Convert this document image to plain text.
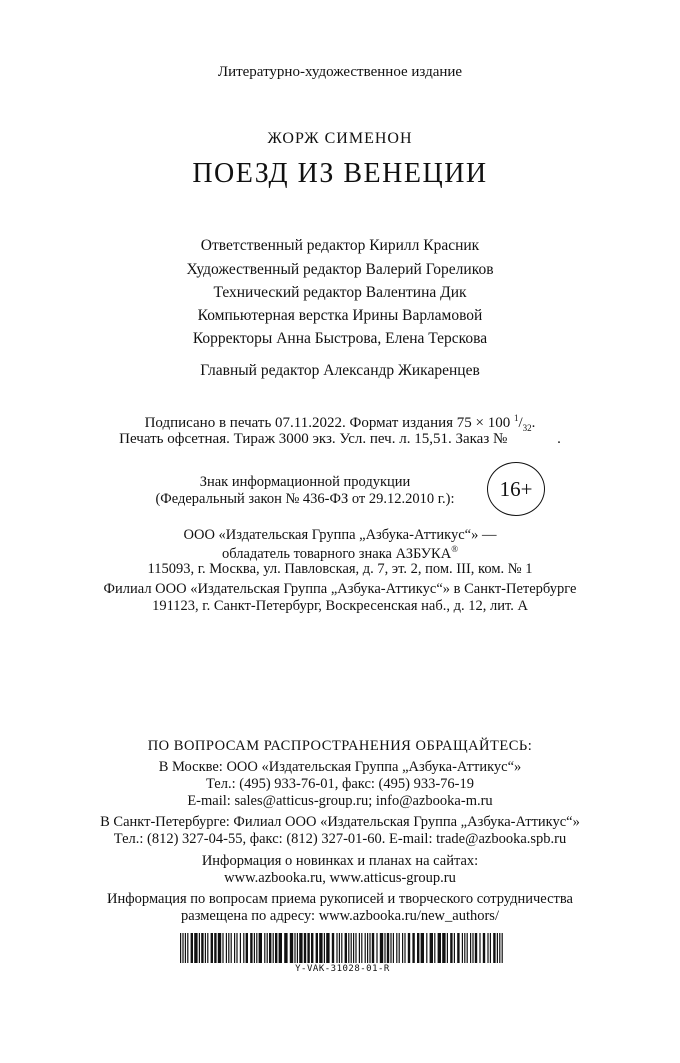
Литературно-художественное издание
ЖОРЖ СИМЕНОН
ПОЕЗД ИЗ ВЕНЕЦИИ
Ответственный редактор Кирилл Красник
Художественный редактор Валерий Гореликов
Технический редактор Валентина Дик
Компьютерная верстка Ирины Варламовой
Корректоры Анна Быстрова, Елена Терскова
Главный редактор Александр Жикаренцев
Подписано в печать 07.11.2022. Формат издания 75 × 100 $^1/_{32}$.
Печать офсетная. Тираж 3000 экз. Усл. печ. л. 15,51. Заказ №	.
Знак информационной продукции
(Федеральный закон № 436-ФЗ от 29.12.2010 г.):	16+
ООО «Издательская Группа „Азбука-Аттикус“» —
обладатель товарного знака АЗБУКА®
115093, г. Москва, ул. Павловская, д. 7, эт. 2, пом. III, ком. № 1
Филиал ООО «Издательская Группа „Азбука-Аттикус“» в Санкт-Петербурге
191123, г. Санкт-Петербург, Воскресенская наб., д. 12, лит. А
ПО ВОПРОСАМ РАСПРОСТРАНЕНИЯ ОБРАЩАЙТЕСЬ:
В Москве: ООО «Издательская Группа „Азбука-Аттикус“»
Тел.: (495) 933-76-01, факс: (495) 933-76-19
E-mail: sales@atticus-group.ru; info@azbooka-m.ru
В Санкт-Петербурге: Филиал ООО «Издательская Группа „Азбука-Аттикус“»
Тел.: (812) 327-04-55, факс: (812) 327-01-60. E-mail: trade@azbooka.spb.ru
Информация о новинках и планах на сайтах:
www.azbooka.ru, www.atticus-group.ru
Информация по вопросам приема рукописей и творческого сотрудничества
размещена по адресу: www.azbooka.ru/new_authors/
Y-VAK-31028-01-R
